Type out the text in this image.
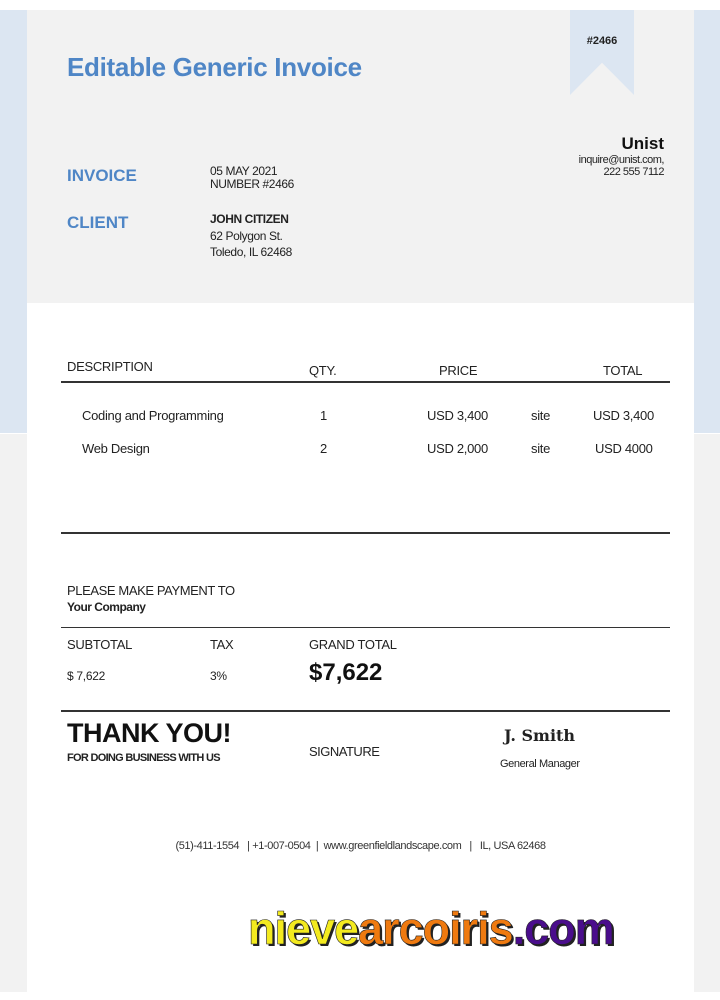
Editable Generic Invoice
#2466
Unist
inquire@unist.com,
222 555 7112
INVOICE	05 MAY 2021
NUMBER #2466
CLIENT	JOHN CITIZEN
62 Polygon St.
Toledo, IL 62468
DESCRIPTION	QTY.	PRICE	TOTAL
Coding and Programming	1	USD 3,400	site	USD 3,400
Web Design	2	USD 2,000	site	USD 4000
PLEASE MAKE PAYMENT TO
Your Company
SUBTOTAL	TAX	GRAND TOTAL
$ 7,622	3%	$7,622
THANK YOU!
FOR DOING BUSINESS WITH US	SIGNATURE
J. Smith
General Manager
(51)-411-1554 | +1-007-0504 | www.greenfieldlandscape.com | IL, USA 62468
nievearcoiris.com
